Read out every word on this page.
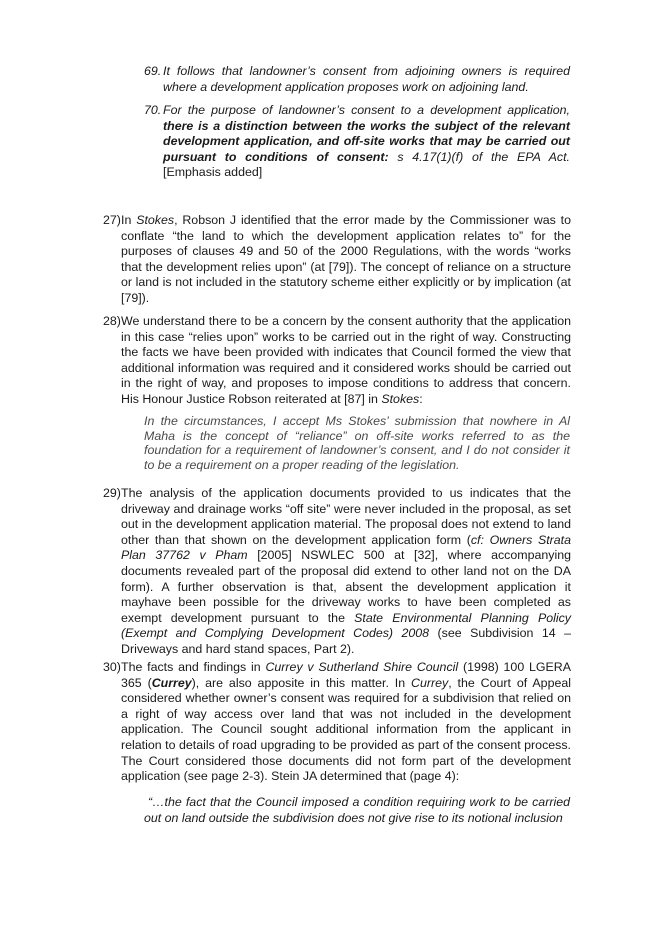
69. It follows that landowner’s consent from adjoining owners is required where a development application proposes work on adjoining land.
70. For the purpose of landowner’s consent to a development application, there is a distinction between the works the subject of the relevant development application, and off-site works that may be carried out pursuant to conditions of consent: s 4.17(1)(f) of the EPA Act. [Emphasis added]
27) In Stokes, Robson J identified that the error made by the Commissioner was to conflate “the land to which the development application relates to” for the purposes of clauses 49 and 50 of the 2000 Regulations, with the words “works that the development relies upon” (at [79]). The concept of reliance on a structure or land is not included in the statutory scheme either explicitly or by implication (at [79]).
28) We understand there to be a concern by the consent authority that the application in this case “relies upon” works to be carried out in the right of way. Constructing the facts we have been provided with indicates that Council formed the view that additional information was required and it considered works should be carried out in the right of way, and proposes to impose conditions to address that concern. His Honour Justice Robson reiterated at [87] in Stokes:
In the circumstances, I accept Ms Stokes’ submission that nowhere in Al Maha is the concept of “reliance” on off-site works referred to as the foundation for a requirement of landowner’s consent, and I do not consider it to be a requirement on a proper reading of the legislation.
29) The analysis of the application documents provided to us indicates that the driveway and drainage works “off site” were never included in the proposal, as set out in the development application material. The proposal does not extend to land other than that shown on the development application form (cf: Owners Strata Plan 37762 v Pham [2005] NSWLEC 500 at [32], where accompanying documents revealed part of the proposal did extend to other land not on the DA form). A further observation is that, absent the development application it mayhave been possible for the driveway works to have been completed as exempt development pursuant to the State Environmental Planning Policy (Exempt and Complying Development Codes) 2008 (see Subdivision 14 – Driveways and hard stand spaces, Part 2).
30) The facts and findings in Currey v Sutherland Shire Council (1998) 100 LGERA 365 (Currey), are also apposite in this matter. In Currey, the Court of Appeal considered whether owner’s consent was required for a subdivision that relied on a right of way access over land that was not included in the development application. The Council sought additional information from the applicant in relation to details of road upgrading to be provided as part of the consent process. The Court considered those documents did not form part of the development application (see page 2-3). Stein JA determined that (page 4):
“…the fact that the Council imposed a condition requiring work to be carried out on land outside the subdivision does not give rise to its notional inclusion
